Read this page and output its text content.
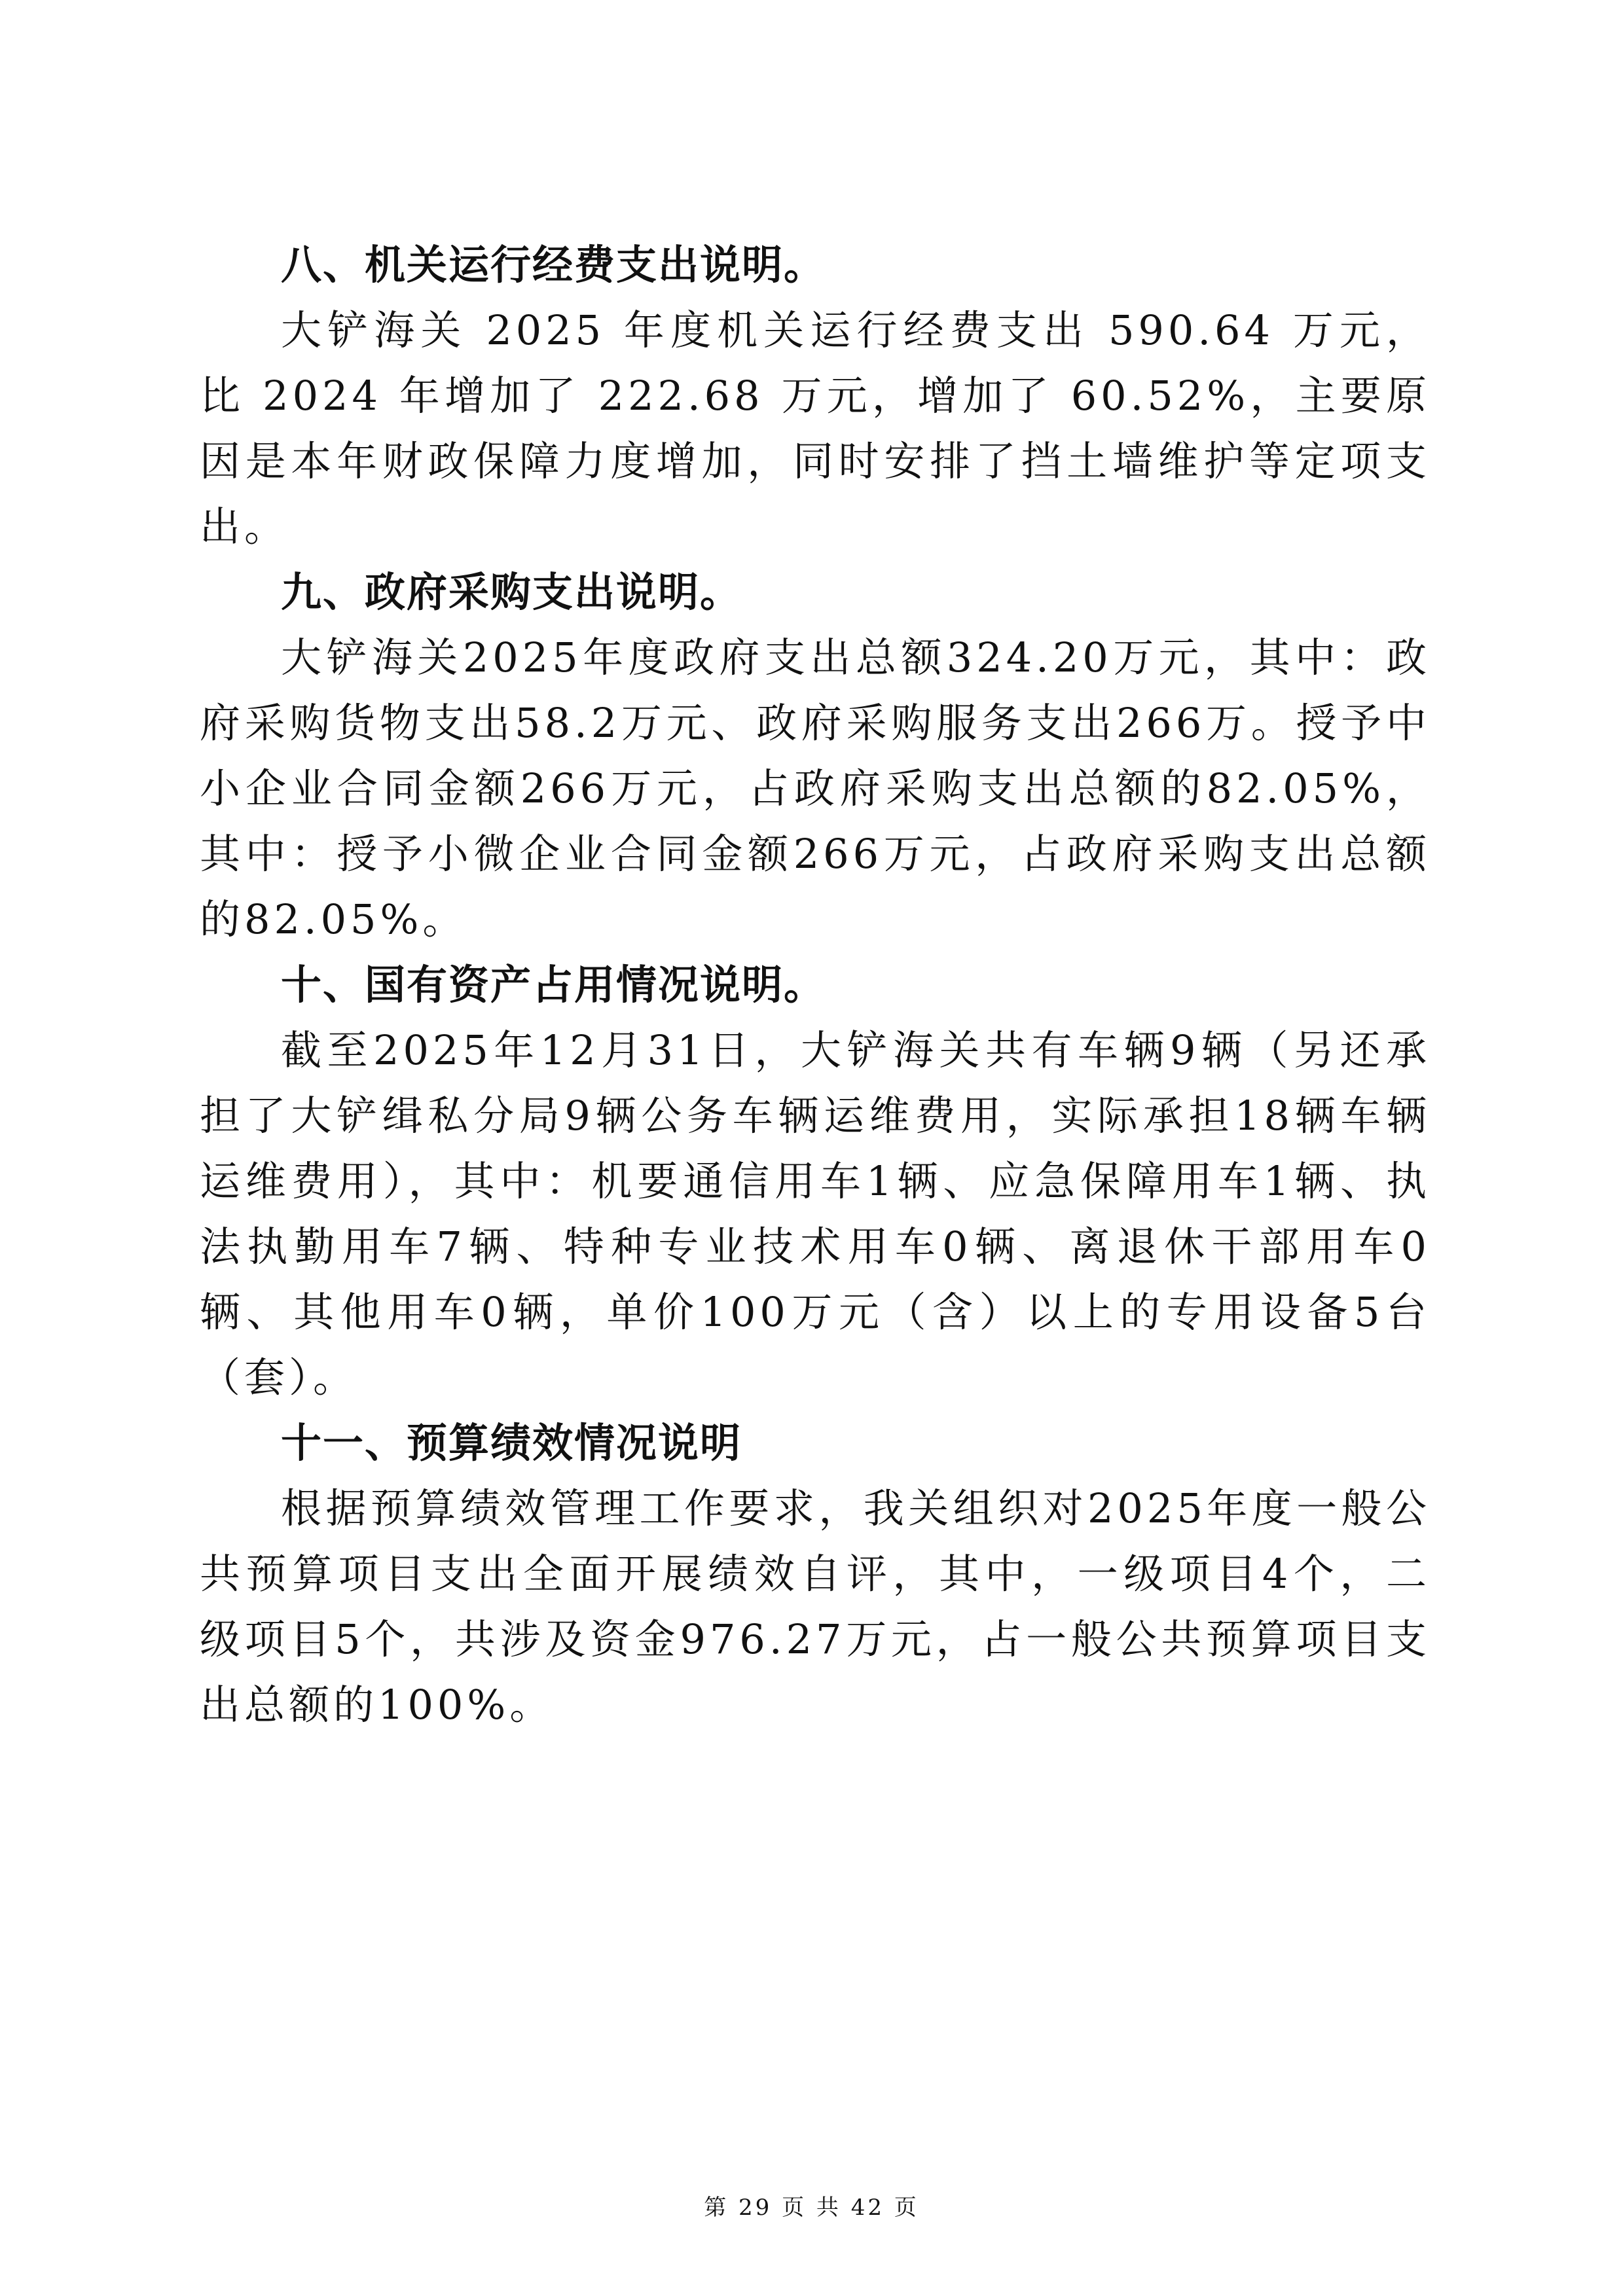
八、机关运行经费支出说明。

大铲海关 2025 年度机关运行经费支出 590.64 万元，比 2024 年增加了 222.68 万元，增加了 60.52%，主要原因是本年财政保障力度增加，同时安排了挡土墙维护等定项支出。

九、政府采购支出说明。

大铲海关2025年度政府支出总额324.20万元，其中：政府采购货物支出58.2万元、政府采购服务支出266万。授予中小企业合同金额266万元，占政府采购支出总额的82.05%，其中：授予小微企业合同金额266万元，占政府采购支出总额的82.05%。

十、国有资产占用情况说明。

截至2025年12月31日，大铲海关共有车辆9辆（另还承担了大铲缉私分局9辆公务车辆运维费用，实际承担18辆车辆运维费用），其中：机要通信用车1辆、应急保障用车1辆、执法执勤用车7辆、特种专业技术用车0辆、离退休干部用车0辆、其他用车0辆，单价100万元（含）以上的专用设备5台（套）。

十一、预算绩效情况说明

根据预算绩效管理工作要求，我关组织对2025年度一般公共预算项目支出全面开展绩效自评，其中，一级项目4个，二级项目5个，共涉及资金976.27万元，占一般公共预算项目支出总额的100%。

第 29 页 共 42 页
